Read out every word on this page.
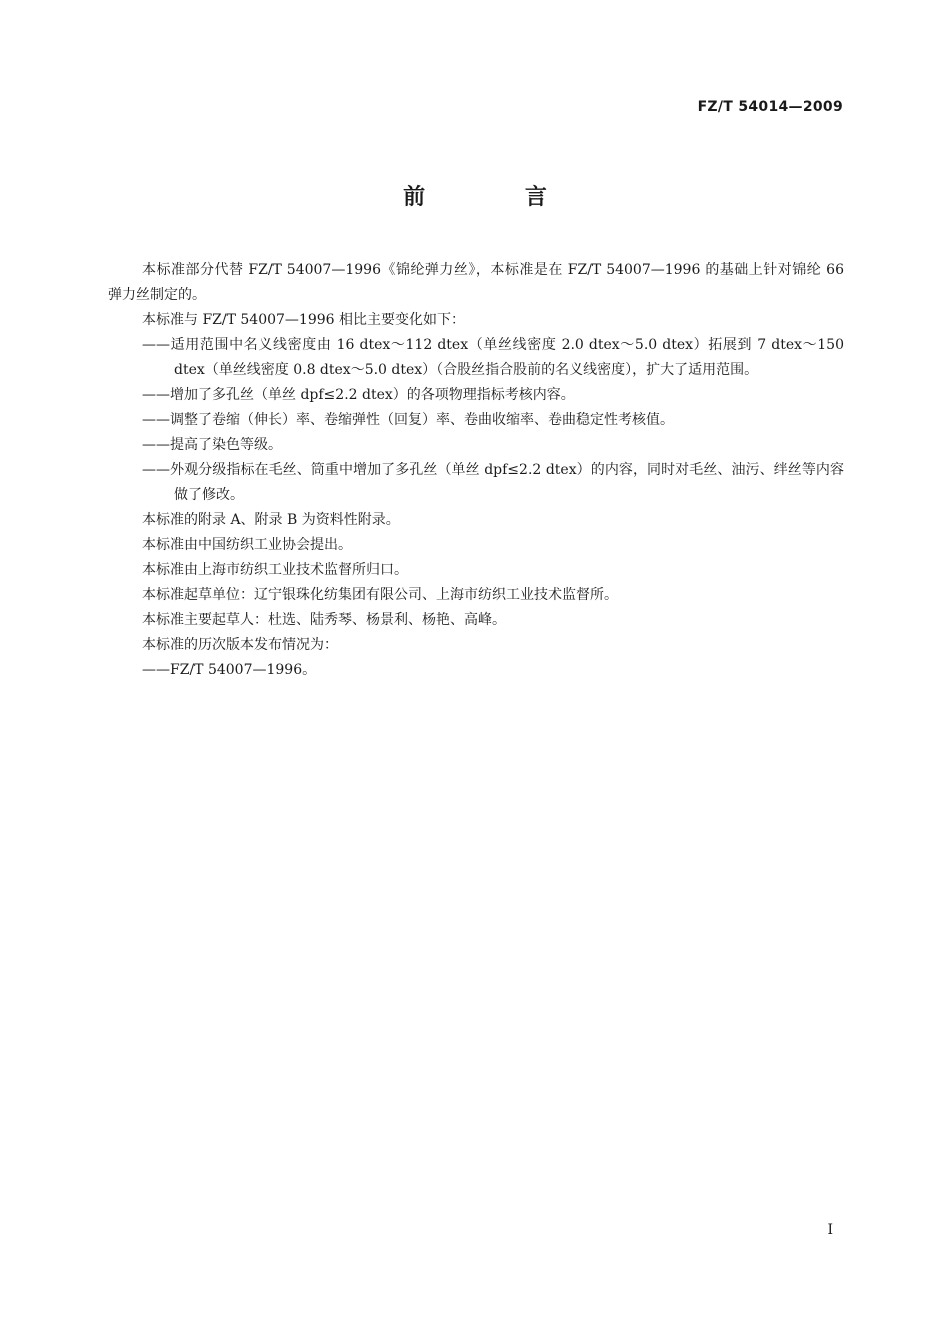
FZ/T 54014—2009
前 言

本标准部分代替 FZ/T 54007—1996《锦纶弹力丝》，本标准是在 FZ/T 54007—1996 的基础上针对锦纶 66 弹力丝制定的。

本标准与 FZ/T 54007—1996 相比主要变化如下：

——适用范围中名义线密度由 16 dtex～112 dtex（单丝线密度 2.0 dtex～5.0 dtex）拓展到 7 dtex～150 dtex（单丝线密度 0.8 dtex～5.0 dtex）（合股丝指合股前的名义线密度），扩大了适用范围。

——增加了多孔丝（单丝 dpf≤2.2 dtex）的各项物理指标考核内容。

——调整了卷缩（伸长）率、卷缩弹性（回复）率、卷曲收缩率、卷曲稳定性考核值。

——提高了染色等级。

——外观分级指标在毛丝、筒重中增加了多孔丝（单丝 dpf≤2.2 dtex）的内容，同时对毛丝、油污、绊丝等内容做了修改。

本标准的附录 A、附录 B 为资料性附录。

本标准由中国纺织工业协会提出。

本标准由上海市纺织工业技术监督所归口。

本标准起草单位：辽宁银珠化纺集团有限公司、上海市纺织工业技术监督所。

本标准主要起草人：杜选、陆秀琴、杨景利、杨艳、高峰。

本标准的历次版本发布情况为：

——FZ/T 54007—1996。

I
